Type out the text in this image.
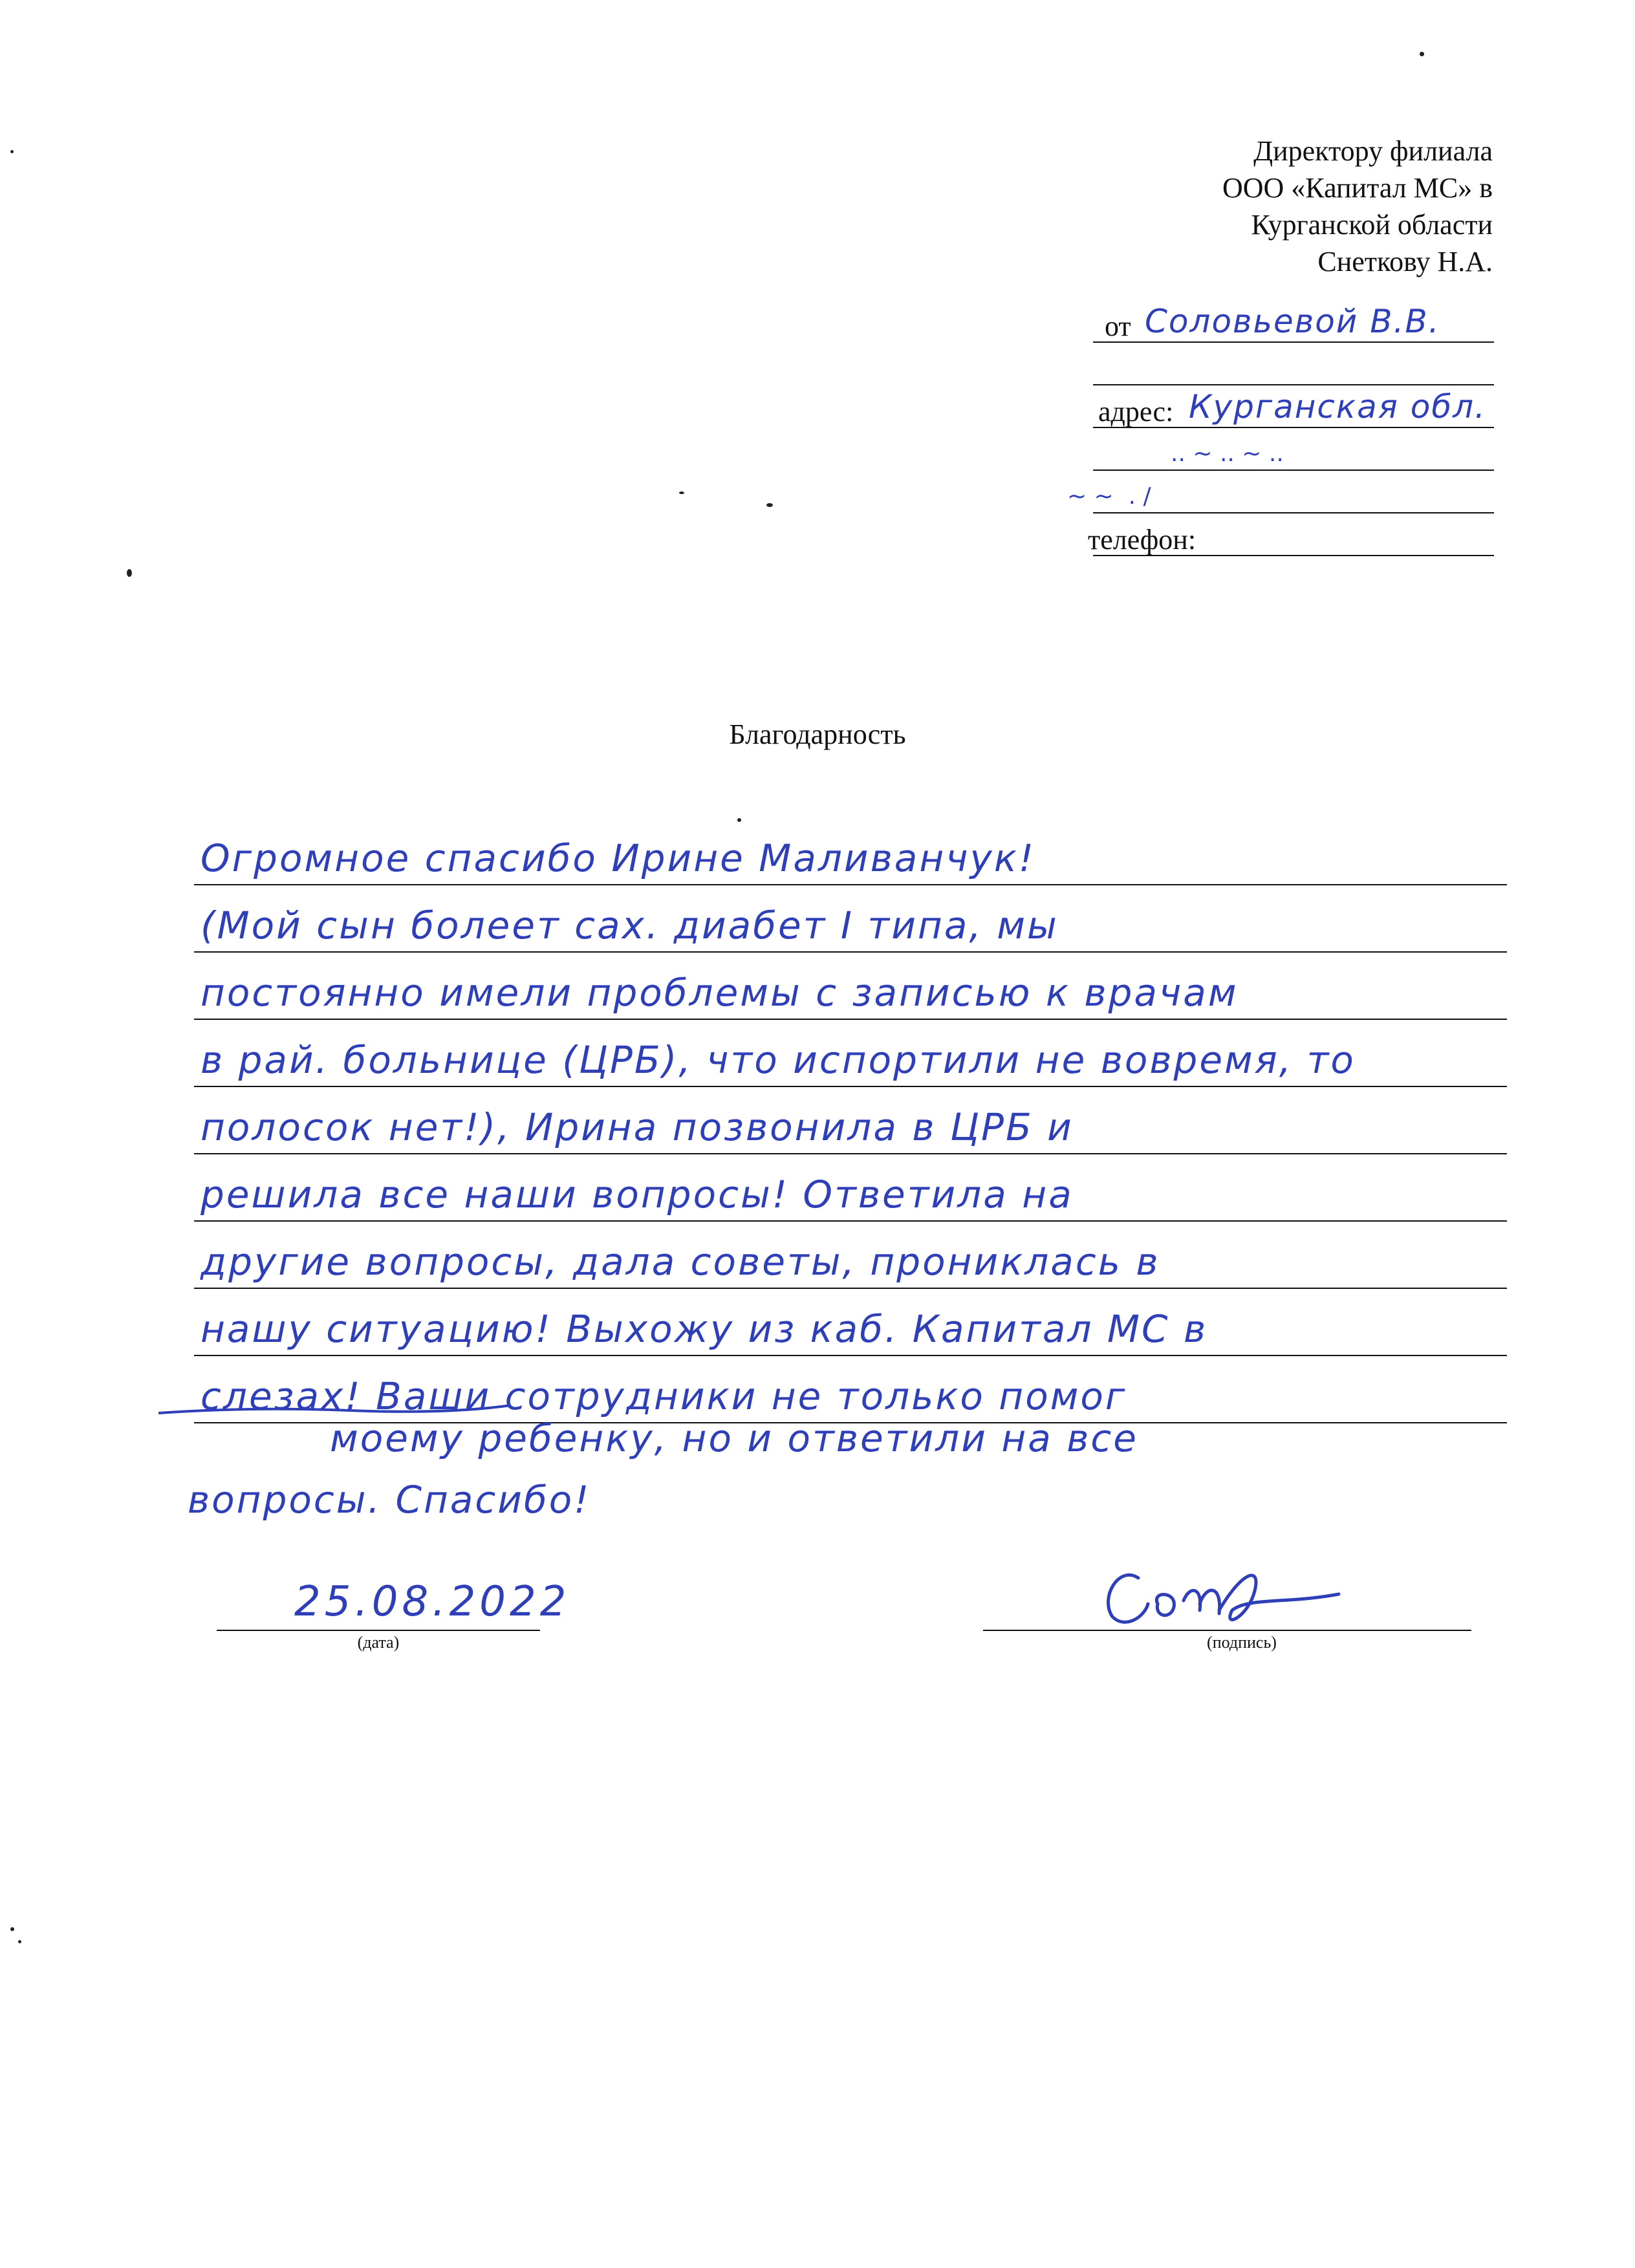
Директору филиала
ООО «Капитал МС» в
Курганской области
Снеткову Н.А.
от Соловьевой В.В.
адрес: Курганская обл.
.. ~ .. ~ ..
~ ~  . /
телефон:
Благодарность
Огромное спасибо Ирине Маливанчук!
(Мой сын болеет сах. диабет I типа, мы
постоянно имели проблемы с записью к врачам
в рай. больнице (ЦРБ), что испортили не вовремя, то
полосок нет!), Ирина позвонила в ЦРБ и
решила все наши вопросы! Ответила на
другие вопросы, дала советы, прониклась в
нашу ситуацию! Выхожу из каб. Капитал МС в
слезах! Ваши сотрудники не только помог
моему ребенку, но и ответили на все
вопросы. Спасибо!
25.08.2022
(дата)	(подпись)
